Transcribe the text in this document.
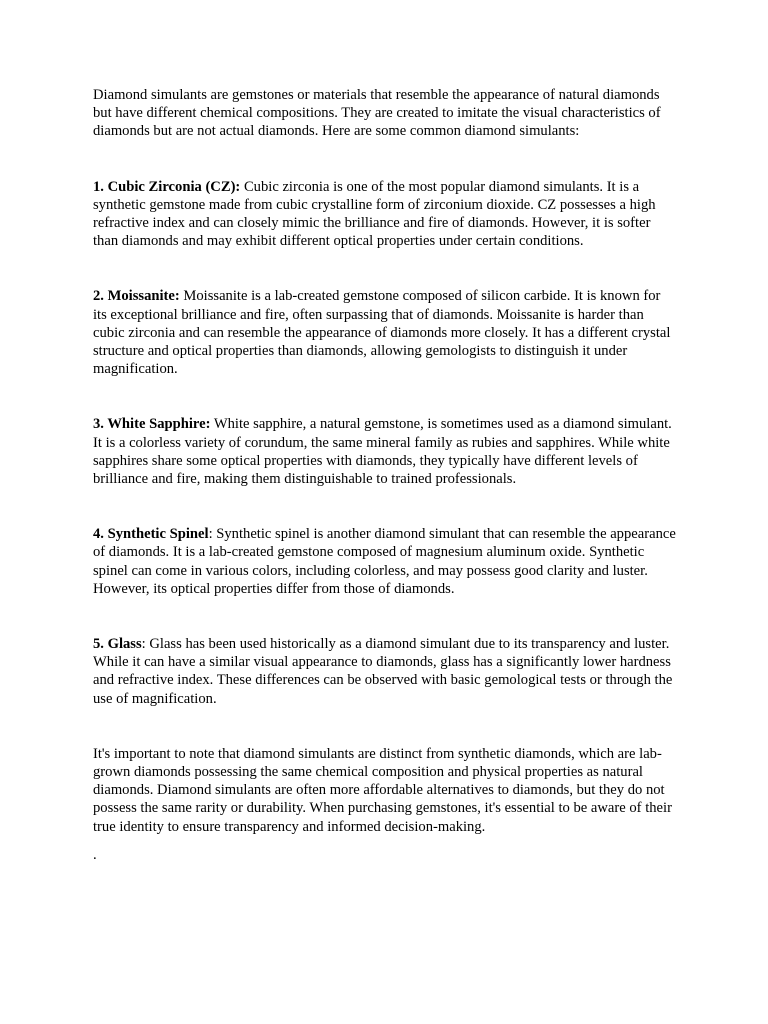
Diamond simulants are gemstones or materials that resemble the appearance of natural diamonds but have different chemical compositions. They are created to imitate the visual characteristics of diamonds but are not actual diamonds. Here are some common diamond simulants:

1. Cubic Zirconia (CZ): Cubic zirconia is one of the most popular diamond simulants. It is a synthetic gemstone made from cubic crystalline form of zirconium dioxide. CZ possesses a high refractive index and can closely mimic the brilliance and fire of diamonds. However, it is softer than diamonds and may exhibit different optical properties under certain conditions.

2. Moissanite: Moissanite is a lab-created gemstone composed of silicon carbide. It is known for its exceptional brilliance and fire, often surpassing that of diamonds. Moissanite is harder than cubic zirconia and can resemble the appearance of diamonds more closely. It has a different crystal structure and optical properties than diamonds, allowing gemologists to distinguish it under magnification.

3. White Sapphire: White sapphire, a natural gemstone, is sometimes used as a diamond simulant. It is a colorless variety of corundum, the same mineral family as rubies and sapphires. While white sapphires share some optical properties with diamonds, they typically have different levels of brilliance and fire, making them distinguishable to trained professionals.

4. Synthetic Spinel: Synthetic spinel is another diamond simulant that can resemble the appearance of diamonds. It is a lab-created gemstone composed of magnesium aluminum oxide. Synthetic spinel can come in various colors, including colorless, and may possess good clarity and luster. However, its optical properties differ from those of diamonds.

5. Glass: Glass has been used historically as a diamond simulant due to its transparency and luster. While it can have a similar visual appearance to diamonds, glass has a significantly lower hardness and refractive index. These differences can be observed with basic gemological tests or through the use of magnification.

It's important to note that diamond simulants are distinct from synthetic diamonds, which are lab-grown diamonds possessing the same chemical composition and physical properties as natural diamonds. Diamond simulants are often more affordable alternatives to diamonds, but they do not possess the same rarity or durability. When purchasing gemstones, it's essential to be aware of their true identity to ensure transparency and informed decision-making.

.
